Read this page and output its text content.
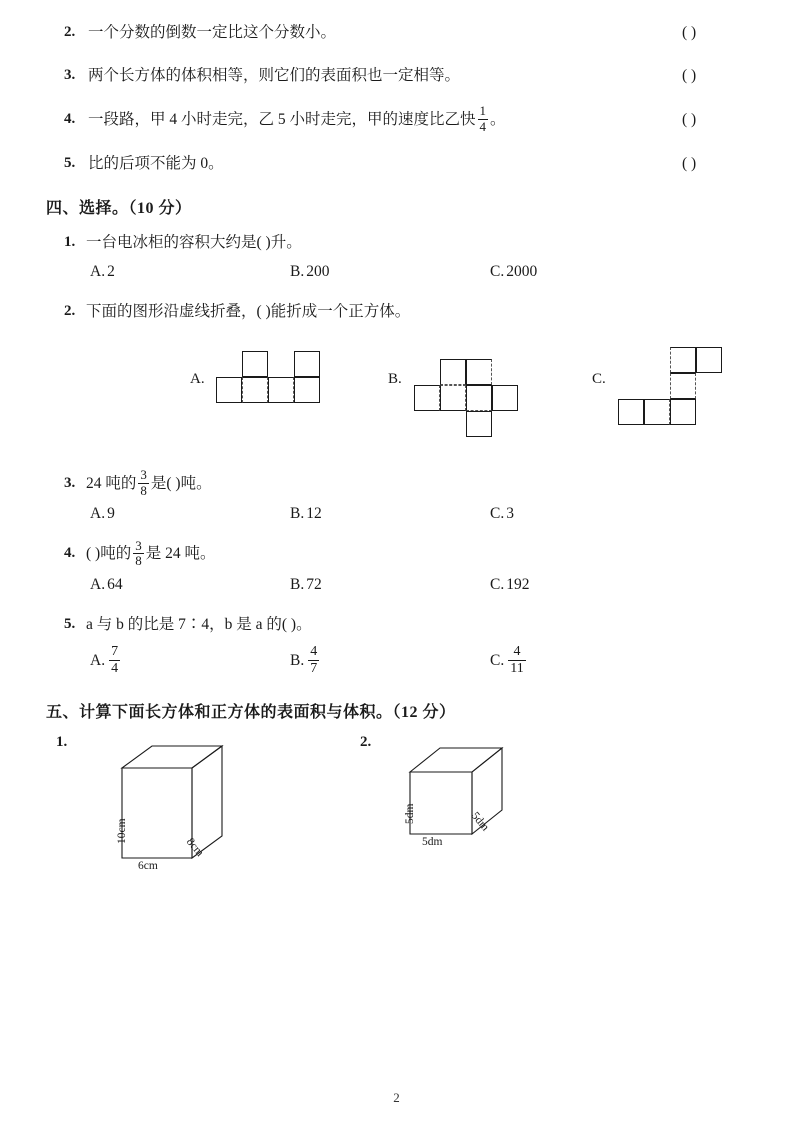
2. 一个分数的倒数一定比这个分数小。	( )
3. 两个长方体的体积相等，则它们的表面积也一定相等。	( )
4. 一段路，甲 4 小时走完，乙 5 小时走完，甲的速度比乙快 $\frac{1}{4}$ 。	( )
5. 比的后项不能为 0。	( )
四、选择。（10 分）
1. 一台电冰柜的容积大约是( )升。
A. 2	B. 200	C. 2000
2. 下面的图形沿虚线折叠，( )能折成一个正方体。
A.	B.	C.
3. 24 吨的 $\frac{3}{8}$ 是( )吨。
A. 9	B. 12	C. 3
4. ( )吨的 $\frac{3}{8}$ 是 24 吨。
A. 64	B. 72	C. 192
5. a 与 b 的比是 7∶4，b 是 a 的( )。
A. $\frac{7}{4}$	B. $\frac{4}{7}$	C. $\frac{4}{11}$
五、计算下面长方体和正方体的表面积与体积。（12 分）
1.
10cm
6cm
8cm
2.
5dm
5dm
5dm
2
